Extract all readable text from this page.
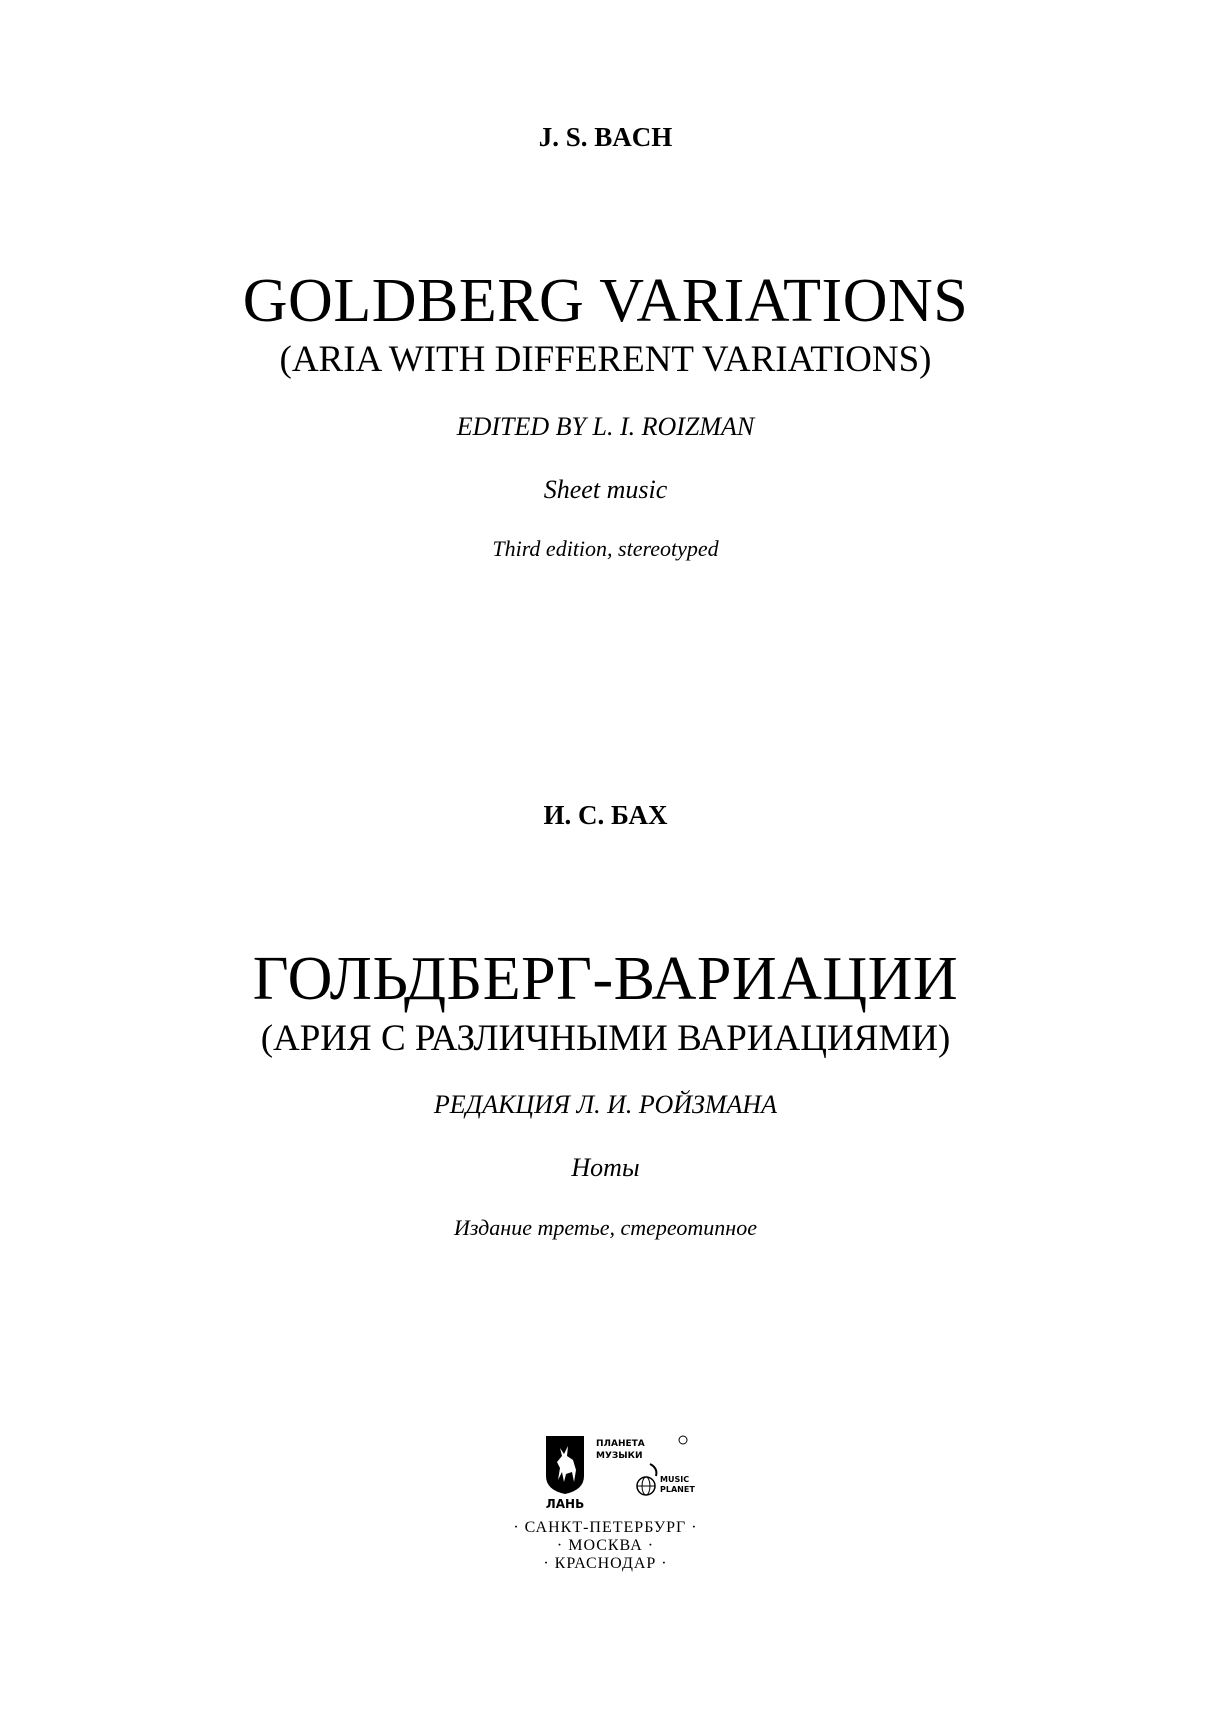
J. S. BACH
GOLDBERG VARIATIONS
(ARIA WITH DIFFERENT VARIATIONS)
EDITED BY L. I. ROIZMAN
Sheet music
Third edition, stereotyped
И. С. БАХ
ГОЛЬДБЕРГ-ВАРИАЦИИ
(АРИЯ С РАЗЛИЧНЫМИ ВАРИАЦИЯМИ)
РЕДАКЦИЯ Л. И. РОЙЗМАНА
Ноты
Издание третье, стереотипное
ЛАНЬ
ПЛАНЕТА
МУЗЫКИ
MUSIC
PLANET
· САНКТ-ПЕТЕРБУРГ ·
· МОСКВА ·
· КРАСНОДАР ·
